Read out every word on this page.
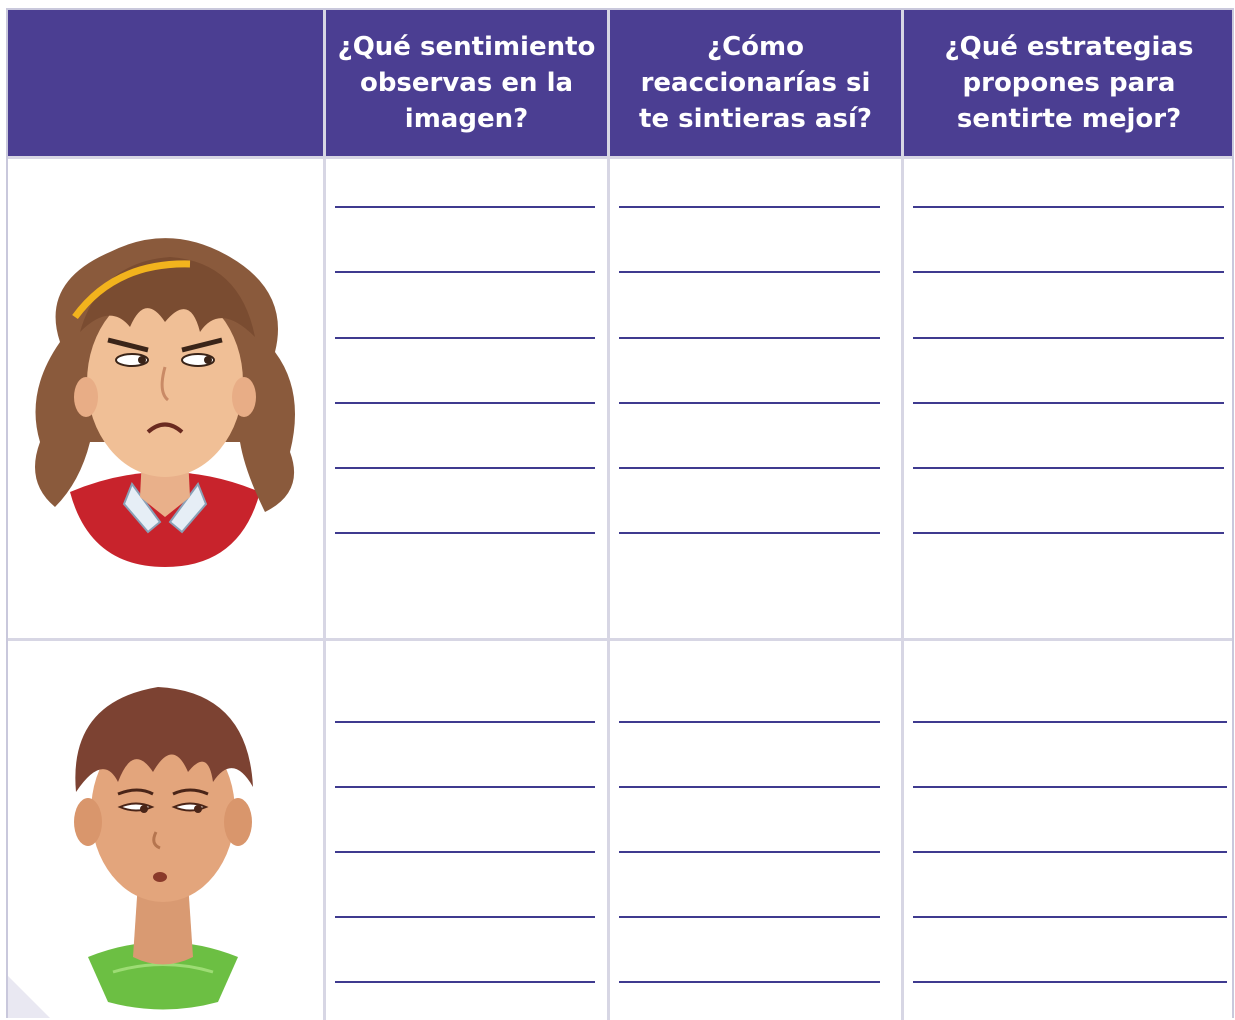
¿Qué sentimiento
observas en la
imagen?
¿Cómo
reaccionarías si
te sintieras así?
¿Qué estrategias
propones para
sentirte mejor?
